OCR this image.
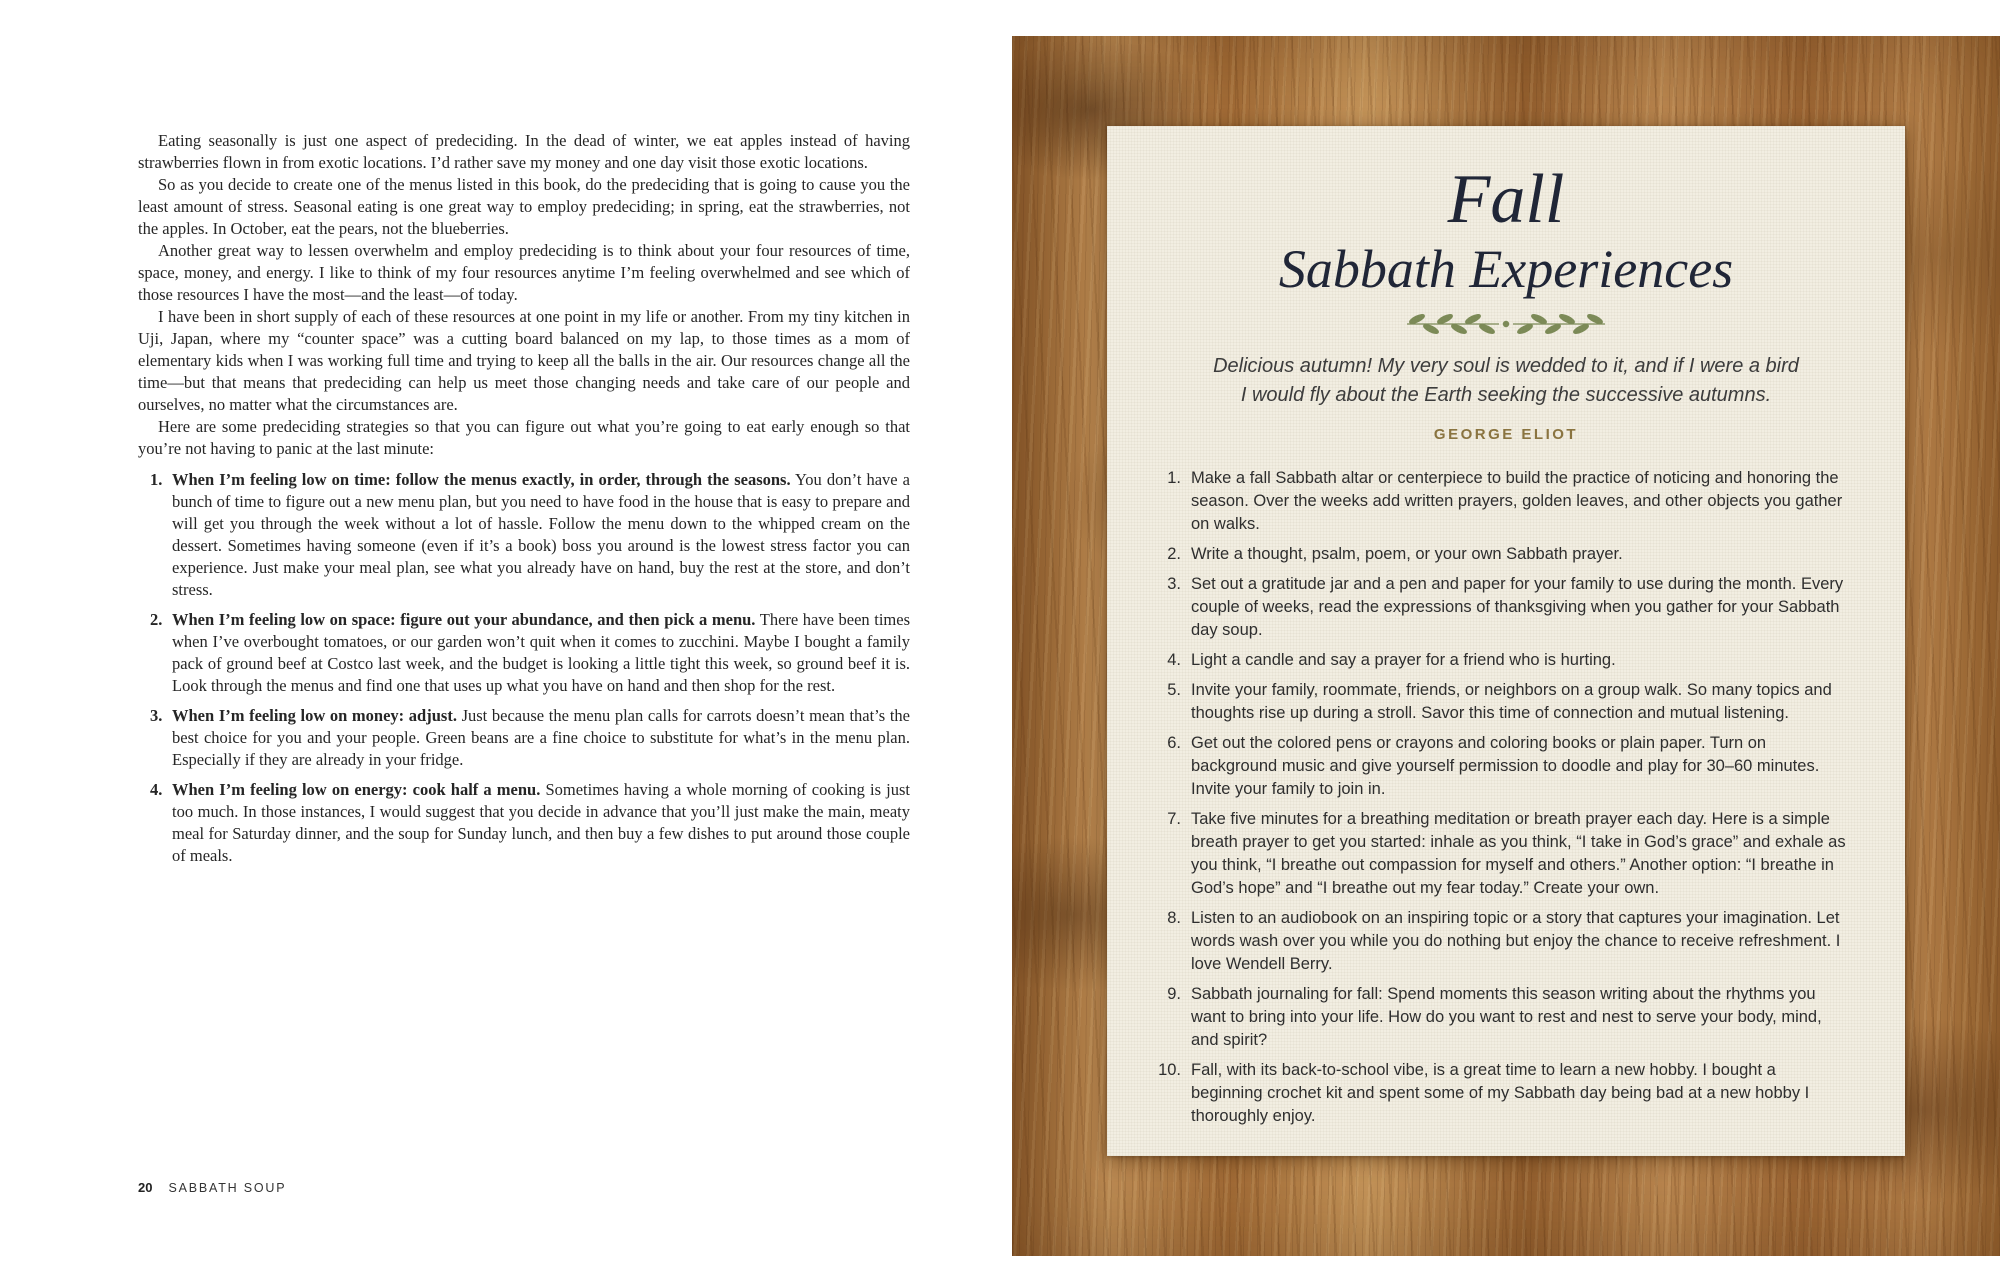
Eating seasonally is just one aspect of predeciding. In the dead of winter, we eat apples instead of having strawberries flown in from exotic locations. I’d rather save my money and one day visit those exotic locations.

So as you decide to create one of the menus listed in this book, do the predeciding that is going to cause you the least amount of stress. Seasonal eating is one great way to employ predeciding; in spring, eat the strawberries, not the apples. In October, eat the pears, not the blueberries.

Another great way to lessen overwhelm and employ predeciding is to think about your four resources of time, space, money, and energy. I like to think of my four resources anytime I’m feeling overwhelmed and see which of those resources I have the most—and the least—of today.

I have been in short supply of each of these resources at one point in my life or another. From my tiny kitchen in Uji, Japan, where my “counter space” was a cutting board balanced on my lap, to those times as a mom of elementary kids when I was working full time and trying to keep all the balls in the air. Our resources change all the time—but that means that predeciding can help us meet those changing needs and take care of our people and ourselves, no matter what the circumstances are.

Here are some predeciding strategies so that you can figure out what you’re going to eat early enough so that you’re not having to panic at the last minute:

1. When I’m feeling low on time: follow the menus exactly, in order, through the seasons. You don’t have a bunch of time to figure out a new menu plan, but you need to have food in the house that is easy to prepare and will get you through the week without a lot of hassle. Follow the menu down to the whipped cream on the dessert. Sometimes having someone (even if it’s a book) boss you around is the lowest stress factor you can experience. Just make your meal plan, see what you already have on hand, buy the rest at the store, and don’t stress.
2. When I’m feeling low on space: figure out your abundance, and then pick a menu. There have been times when I’ve overbought tomatoes, or our garden won’t quit when it comes to zucchini. Maybe I bought a family pack of ground beef at Costco last week, and the budget is looking a little tight this week, so ground beef it is. Look through the menus and find one that uses up what you have on hand and then shop for the rest.
3. When I’m feeling low on money: adjust. Just because the menu plan calls for carrots doesn’t mean that’s the best choice for you and your people. Green beans are a fine choice to substitute for what’s in the menu plan. Especially if they are already in your fridge.
4. When I’m feeling low on energy: cook half a menu. Sometimes having a whole morning of cooking is just too much. In those instances, I would suggest that you decide in advance that you’ll just make the main, meaty meal for Saturday dinner, and the soup for Sunday lunch, and then buy a few dishes to put around those couple of meals.
20 SABBATH SOUP
Fall
Sabbath Experiences

Delicious autumn! My very soul is wedded to it, and if I were a bird
I would fly about the Earth seeking the successive autumns.

GEORGE ELIOT
1. Make a fall Sabbath altar or centerpiece to build the practice of noticing and honoring the season. Over the weeks add written prayers, golden leaves, and other objects you gather on walks.
2. Write a thought, psalm, poem, or your own Sabbath prayer.
3. Set out a gratitude jar and a pen and paper for your family to use during the month. Every couple of weeks, read the expressions of thanksgiving when you gather for your Sabbath day soup.
4. Light a candle and say a prayer for a friend who is hurting.
5. Invite your family, roommate, friends, or neighbors on a group walk. So many topics and thoughts rise up during a stroll. Savor this time of connection and mutual listening.
6. Get out the colored pens or crayons and coloring books or plain paper. Turn on background music and give yourself permission to doodle and play for 30–60 minutes. Invite your family to join in.
7. Take five minutes for a breathing meditation or breath prayer each day. Here is a simple breath prayer to get you started: inhale as you think, “I take in God’s grace” and exhale as you think, “I breathe out compassion for myself and others.” Another option: “I breathe in God’s hope” and “I breathe out my fear today.” Create your own.
8. Listen to an audiobook on an inspiring topic or a story that captures your imagination. Let words wash over you while you do nothing but enjoy the chance to receive refreshment. I love Wendell Berry.
9. Sabbath journaling for fall: Spend moments this season writing about the rhythms you want to bring into your life. How do you want to rest and nest to serve your body, mind, and spirit?
10. Fall, with its back-to-school vibe, is a great time to learn a new hobby. I bought a beginning crochet kit and spent some of my Sabbath day being bad at a new hobby I thoroughly enjoy.
